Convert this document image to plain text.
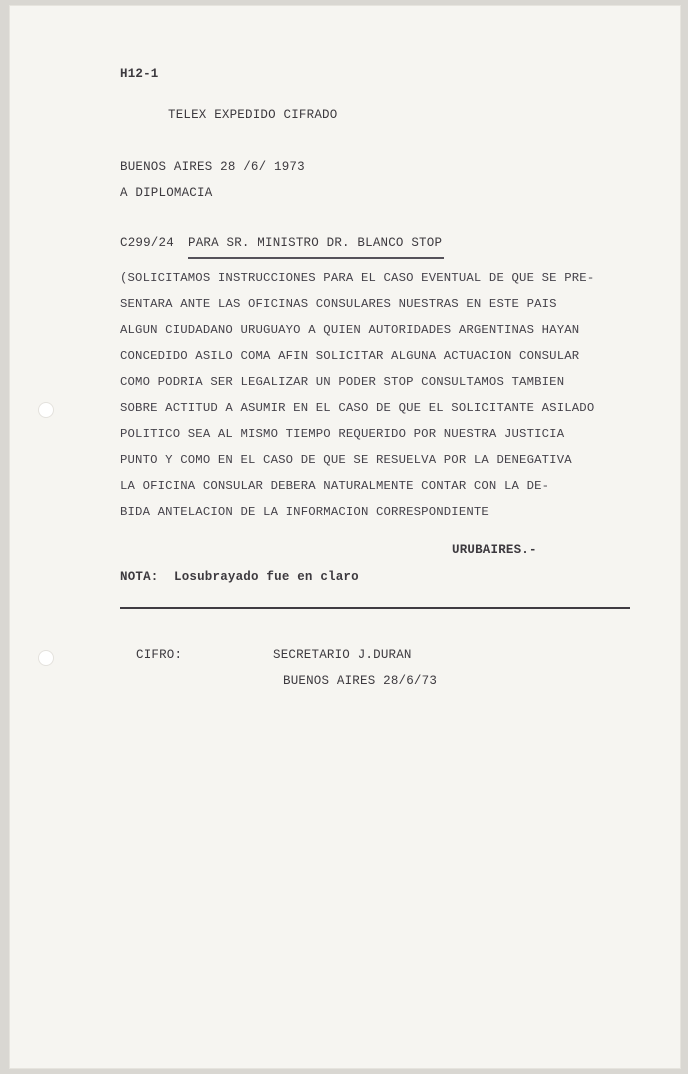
H12-1
TELEX EXPEDIDO CIFRADO
BUENOS AIRES 28 /6/ 1973
A DIPLOMACIA
C299/24 PARA SR. MINISTRO DR. BLANCO STOP
(SOLICITAMOS INSTRUCCIONES PARA EL CASO EVENTUAL DE QUE SE PRE-
SENTARA ANTE LAS OFICINAS CONSULARES NUESTRAS EN ESTE PAIS
ALGUN CIUDADANO URUGUAYO A QUIEN AUTORIDADES ARGENTINAS HAYAN
CONCEDIDO ASILO COMA AFIN SOLICITAR ALGUNA ACTUACION CONSULAR
COMO PODRIA SER LEGALIZAR UN PODER STOP CONSULTAMOS TAMBIEN
SOBRE ACTITUD A ASUMIR EN EL CASO DE QUE EL SOLICITANTE ASILADO
POLITICO SEA AL MISMO TIEMPO REQUERIDO POR NUESTRA JUSTICIA
PUNTO Y COMO EN EL CASO DE QUE SE RESUELVA POR LA DENEGATIVA
LA OFICINA CONSULAR DEBERA NATURALMENTE CONTAR CON LA DE-
BIDA ANTELACION DE LA INFORMACION CORRESPONDIENTE
URUBAIRES.-
NOTA: Losubrayado fue en claro
CIFRO:	SECRETARIO J.DURAN
BUENOS AIRES 28/6/73
